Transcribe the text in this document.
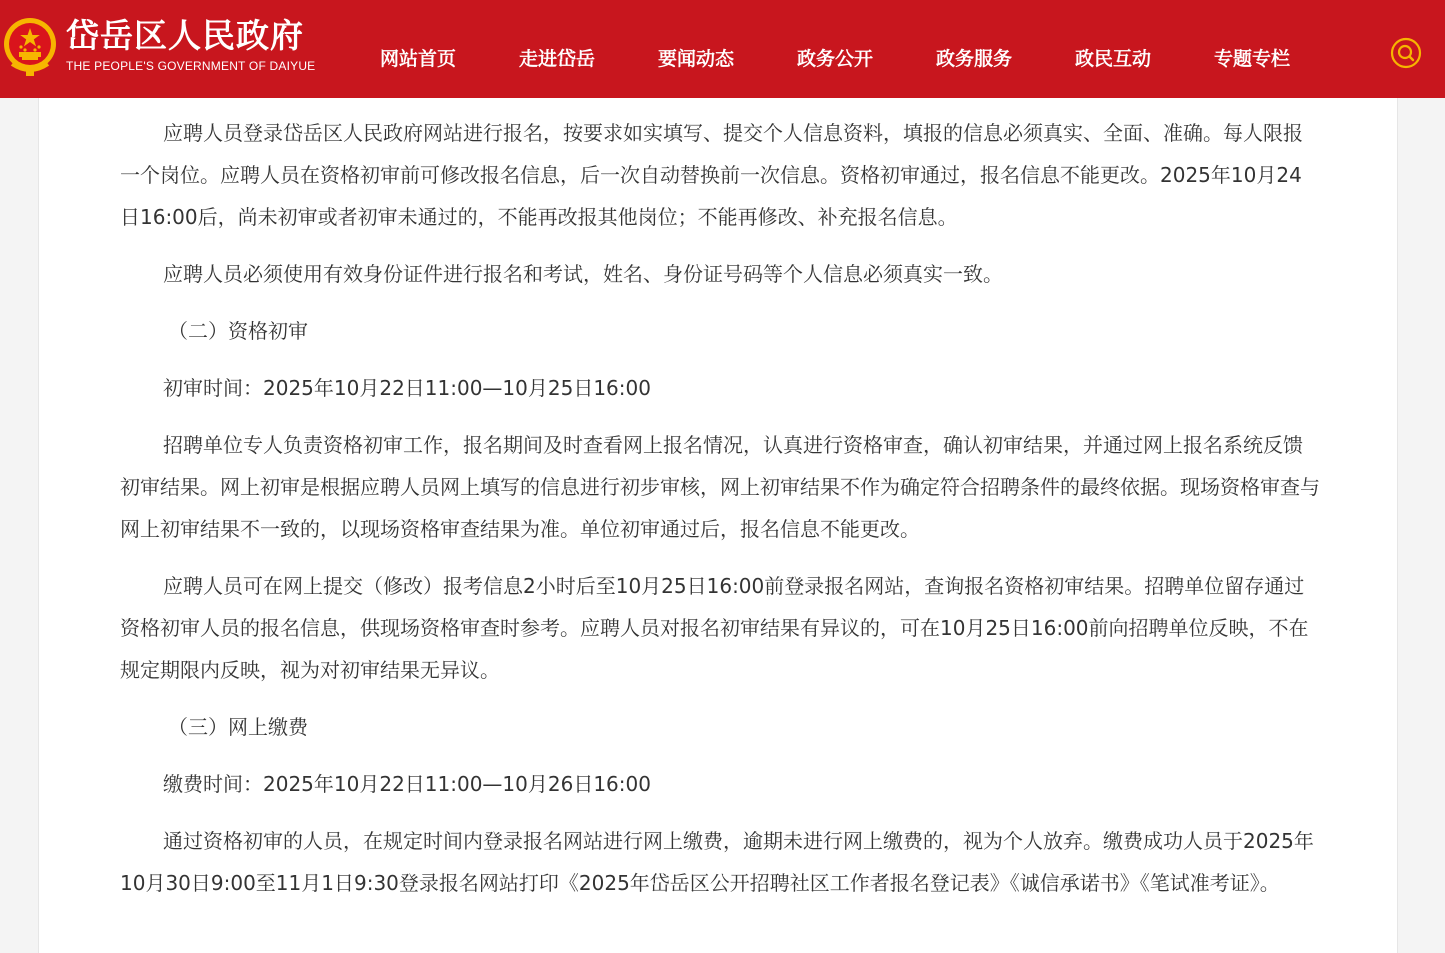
岱岳区人民政府
THE PEOPLE'S GOVERNMENT OF DAIYUE	网站首页	走进岱岳	要闻动态	政务公开	政务服务	政民互动	专题专栏

应聘人员登录岱岳区人民政府网站进行报名，按要求如实填写、提交个人信息资料，填报的信息必须真实、全面、准确。每人限报一个岗位。应聘人员在资格初审前可修改报名信息，后一次自动替换前一次信息。资格初审通过，报名信息不能更改。2025年10月24日16:00后，尚未初审或者初审未通过的，不能再改报其他岗位；不能再修改、补充报名信息。

应聘人员必须使用有效身份证件进行报名和考试，姓名、身份证号码等个人信息必须真实一致。

（二）资格初审

初审时间：2025年10月22日11:00—10月25日16:00

招聘单位专人负责资格初审工作，报名期间及时查看网上报名情况，认真进行资格审查，确认初审结果，并通过网上报名系统反馈初审结果。网上初审是根据应聘人员网上填写的信息进行初步审核，网上初审结果不作为确定符合招聘条件的最终依据。现场资格审查与网上初审结果不一致的，以现场资格审查结果为准。单位初审通过后，报名信息不能更改。

应聘人员可在网上提交（修改）报考信息2小时后至10月25日16:00前登录报名网站，查询报名资格初审结果。招聘单位留存通过资格初审人员的报名信息，供现场资格审查时参考。应聘人员对报名初审结果有异议的，可在10月25日16:00前向招聘单位反映，不在规定期限内反映，视为对初审结果无异议。

（三）网上缴费

缴费时间：2025年10月22日11:00—10月26日16:00

通过资格初审的人员，在规定时间内登录报名网站进行网上缴费，逾期未进行网上缴费的，视为个人放弃。缴费成功人员于2025年10月30日9:00至11月1日9:30登录报名网站打印《2025年岱岳区公开招聘社区工作者报名登记表》《诚信承诺书》《笔试准考证》。
